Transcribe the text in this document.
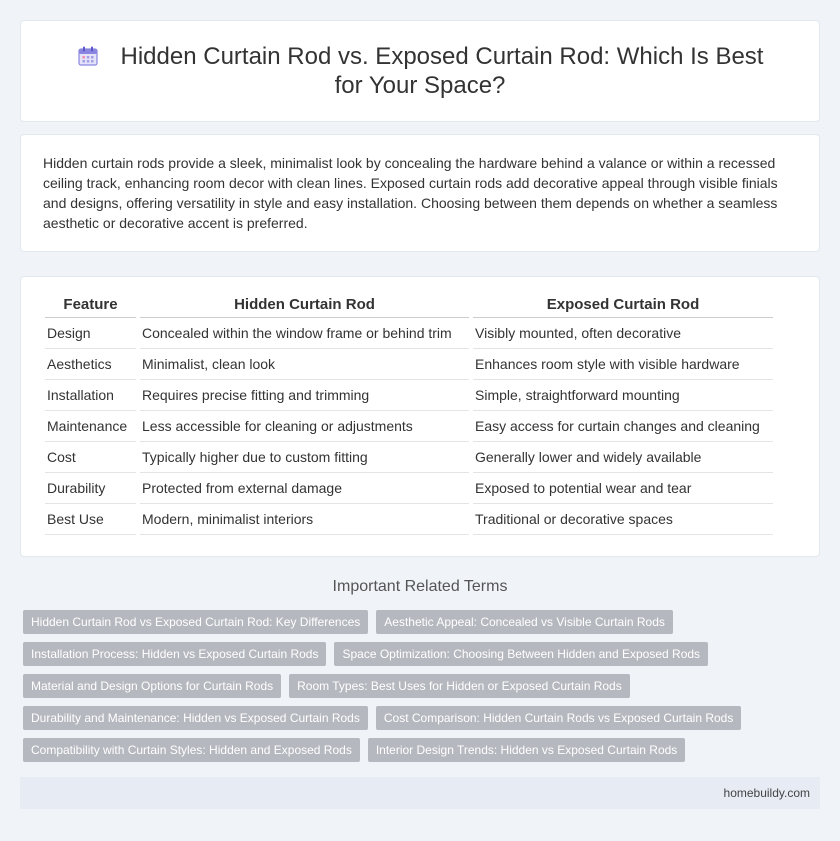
Hidden Curtain Rod vs. Exposed Curtain Rod: Which Is Best for Your Space?

Hidden curtain rods provide a sleek, minimalist look by concealing the hardware behind a valance or within a recessed ceiling track, enhancing room decor with clean lines. Exposed curtain rods add decorative appeal through visible finials and designs, offering versatility in style and easy installation. Choosing between them depends on whether a seamless aesthetic or decorative accent is preferred.

Feature	Hidden Curtain Rod	Exposed Curtain Rod
Design	Concealed within the window frame or behind trim	Visibly mounted, often decorative
Aesthetics	Minimalist, clean look	Enhances room style with visible hardware
Installation	Requires precise fitting and trimming	Simple, straightforward mounting
Maintenance	Less accessible for cleaning or adjustments	Easy access for curtain changes and cleaning
Cost	Typically higher due to custom fitting	Generally lower and widely available
Durability	Protected from external damage	Exposed to potential wear and tear
Best Use	Modern, minimalist interiors	Traditional or decorative spaces
Important Related Terms
Hidden Curtain Rod vs Exposed Curtain Rod: Key Differences	Aesthetic Appeal: Concealed vs Visible Curtain Rods
Installation Process: Hidden vs Exposed Curtain Rods	Space Optimization: Choosing Between Hidden and Exposed Rods
Material and Design Options for Curtain Rods	Room Types: Best Uses for Hidden or Exposed Curtain Rods
Durability and Maintenance: Hidden vs Exposed Curtain Rods	Cost Comparison: Hidden Curtain Rods vs Exposed Curtain Rods
Compatibility with Curtain Styles: Hidden and Exposed Rods	Interior Design Trends: Hidden vs Exposed Curtain Rods
homebuildy.com
